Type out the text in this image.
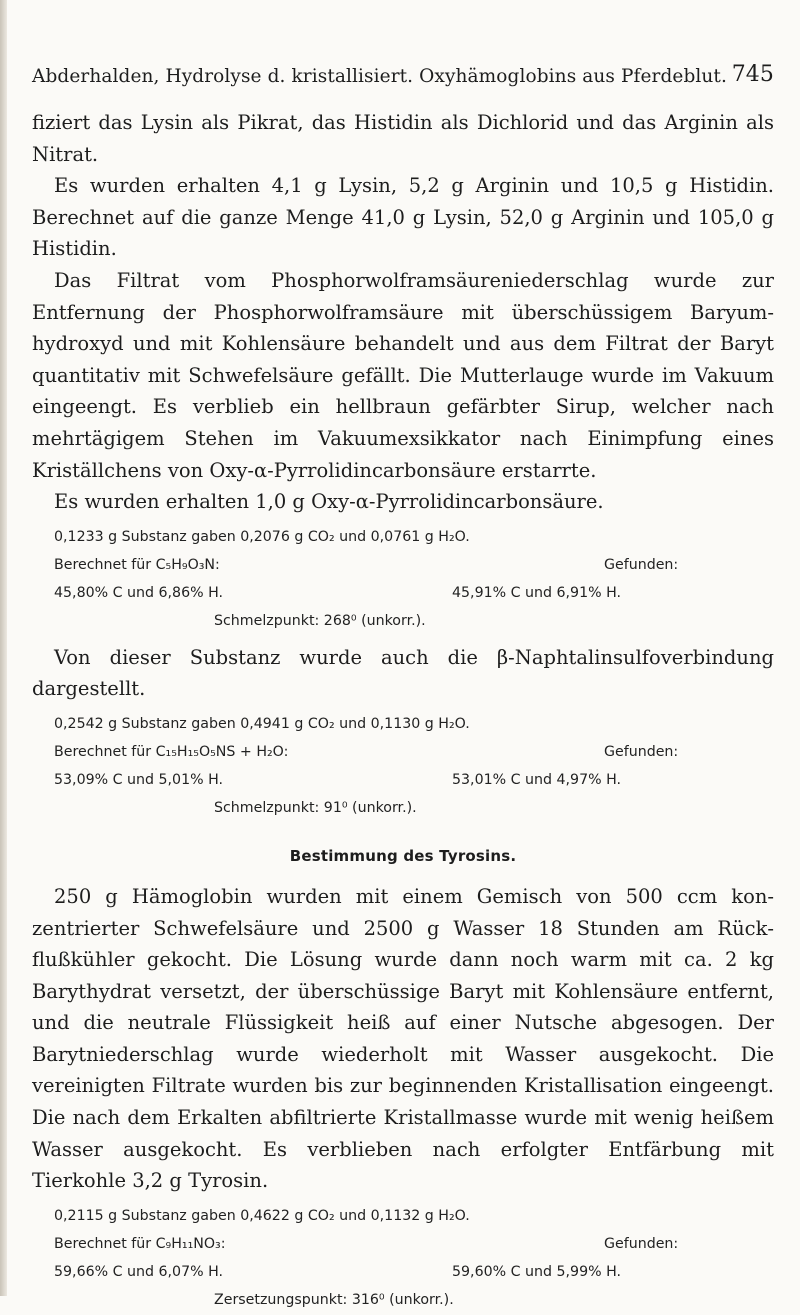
Abderhalden, Hydrolyse d. kristallisiert. Oxyhämoglobins aus Pferdeblut. 745

fiziert das Lysin als Pikrat, das Histidin als Dichlorid und das Arginin als Nitrat.

Es wurden erhalten 4,1 g Lysin, 5,2 g Arginin und 10,5 g Histidin. Berechnet auf die ganze Menge 41,0 g Lysin, 52,0 g Arginin und 105,0 g Histidin.

Das Filtrat vom Phosphorwolframsäureniederschlag wurde zur Entfernung der Phosphorwolframsäure mit überschüssigem Baryumhydroxyd und mit Kohlensäure behandelt und aus dem Filtrat der Baryt quantitativ mit Schwefelsäure gefällt. Die Mutterlauge wurde im Vakuum eingeengt. Es verblieb ein hellbraun gefärbter Sirup, welcher nach mehrtägigem Stehen im Vakuumexsikkator nach Einimpfung eines Kriställchens von Oxy-α-Pyrrolidincarbonsäure erstarrte.

Es wurden erhalten 1,0 g Oxy-α-Pyrrolidincarbonsäure.

0,1233 g Substanz gaben 0,2076 g CO₂ und 0,0761 g H₂O.
Berechnet für C₅H₉O₃N:	Gefunden:
45,80% C und 6,86% H.	45,91% C und 6,91% H.
Schmelzpunkt: 268⁰ (unkorr.).

Von dieser Substanz wurde auch die β-Naphtalinsulfoverbindung dargestellt.

0,2542 g Substanz gaben 0,4941 g CO₂ und 0,1130 g H₂O.
Berechnet für C₁₅H₁₅O₅NS + H₂O:	Gefunden:
53,09% C und 5,01% H.	53,01% C und 4,97% H.
Schmelzpunkt: 91⁰ (unkorr.).
Bestimmung des Tyrosins.

250 g Hämoglobin wurden mit einem Gemisch von 500 ccm konzentrierter Schwefelsäure und 2500 g Wasser 18 Stunden am Rückflußkühler gekocht. Die Lösung wurde dann noch warm mit ca. 2 kg Barythydrat versetzt, der überschüssige Baryt mit Kohlensäure entfernt, und die neutrale Flüssigkeit heiß auf einer Nutsche abgesogen. Der Barytniederschlag wurde wiederholt mit Wasser ausgekocht. Die vereinigten Filtrate wurden bis zur beginnenden Kristallisation eingeengt. Die nach dem Erkalten abfiltrierte Kristallmasse wurde mit wenig heißem Wasser ausgekocht. Es verblieben nach erfolgter Entfärbung mit Tierkohle 3,2 g Tyrosin.

0,2115 g Substanz gaben 0,4622 g CO₂ und 0,1132 g H₂O.
Berechnet für C₉H₁₁NO₃:	Gefunden:
59,66% C und 6,07% H.	59,60% C und 5,99% H.
Zersetzungspunkt: 316⁰ (unkorr.).
